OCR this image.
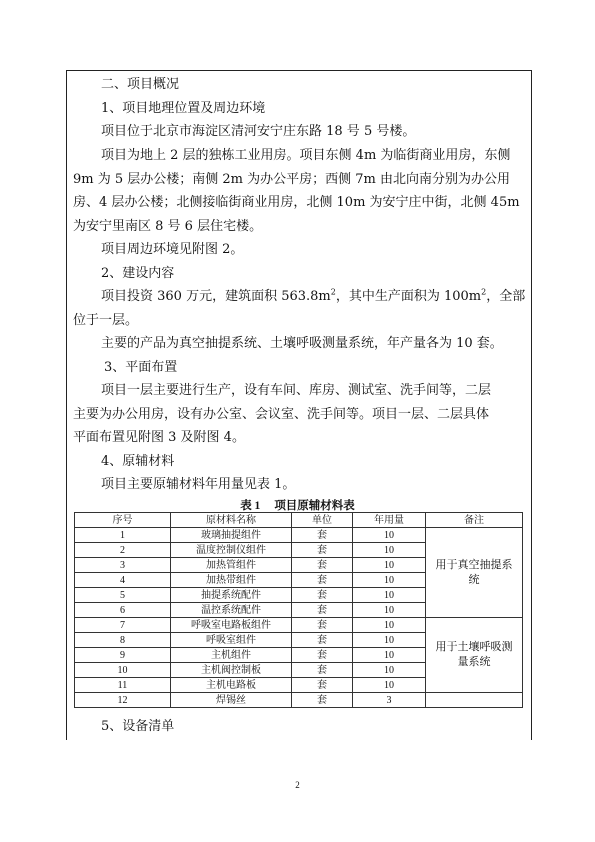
二、项目概况
1、项目地理位置及周边环境
项目位于北京市海淀区清河安宁庄东路 18 号 5 号楼。
项目为地上 2 层的独栋工业用房。项目东侧 4m 为临街商业用房，东侧
9m 为 5 层办公楼；南侧 2m 为办公平房；西侧 7m 由北向南分别为办公用
房、4 层办公楼；北侧接临街商业用房，北侧 10m 为安宁庄中街，北侧 45m
为安宁里南区 8 号 6 层住宅楼。
项目周边环境见附图 2。
2、建设内容
项目投资 360 万元，建筑面积 $563.8m^2$，其中生产面积为 $100m^2$，全部
位于一层。
主要的产品为真空抽提系统、土壤呼吸测量系统，年产量各为 10 套。
3、平面布置
项目一层主要进行生产，设有车间、库房、测试室、洗手间等，二层
主要为办公用房，设有办公室、会议室、洗手间等。项目一层、二层具体
平面布置见附图 3 及附图 4。
4、原辅材料
项目主要原辅材料年用量见表 1。
表 1 项目原辅材料表
序号	原材料名称	单位	年用量	备注
1	玻璃抽提组件	套	10	用于真空抽提系统
2	温度控制仪组件	套	10	
3	加热管组件	套	10	
4	加热带组件	套	10	
5	抽提系统配件	套	10	
6	温控系统配件	套	10	
7	呼吸室电路板组件	套	10	用于土壤呼吸测量系统
8	呼吸室组件	套	10	
9	主机组件	套	10	
10	主机阀控制板	套	10	
11	主机电路板	套	10	
12	焊锡丝	套	3	
5、设备清单
2
